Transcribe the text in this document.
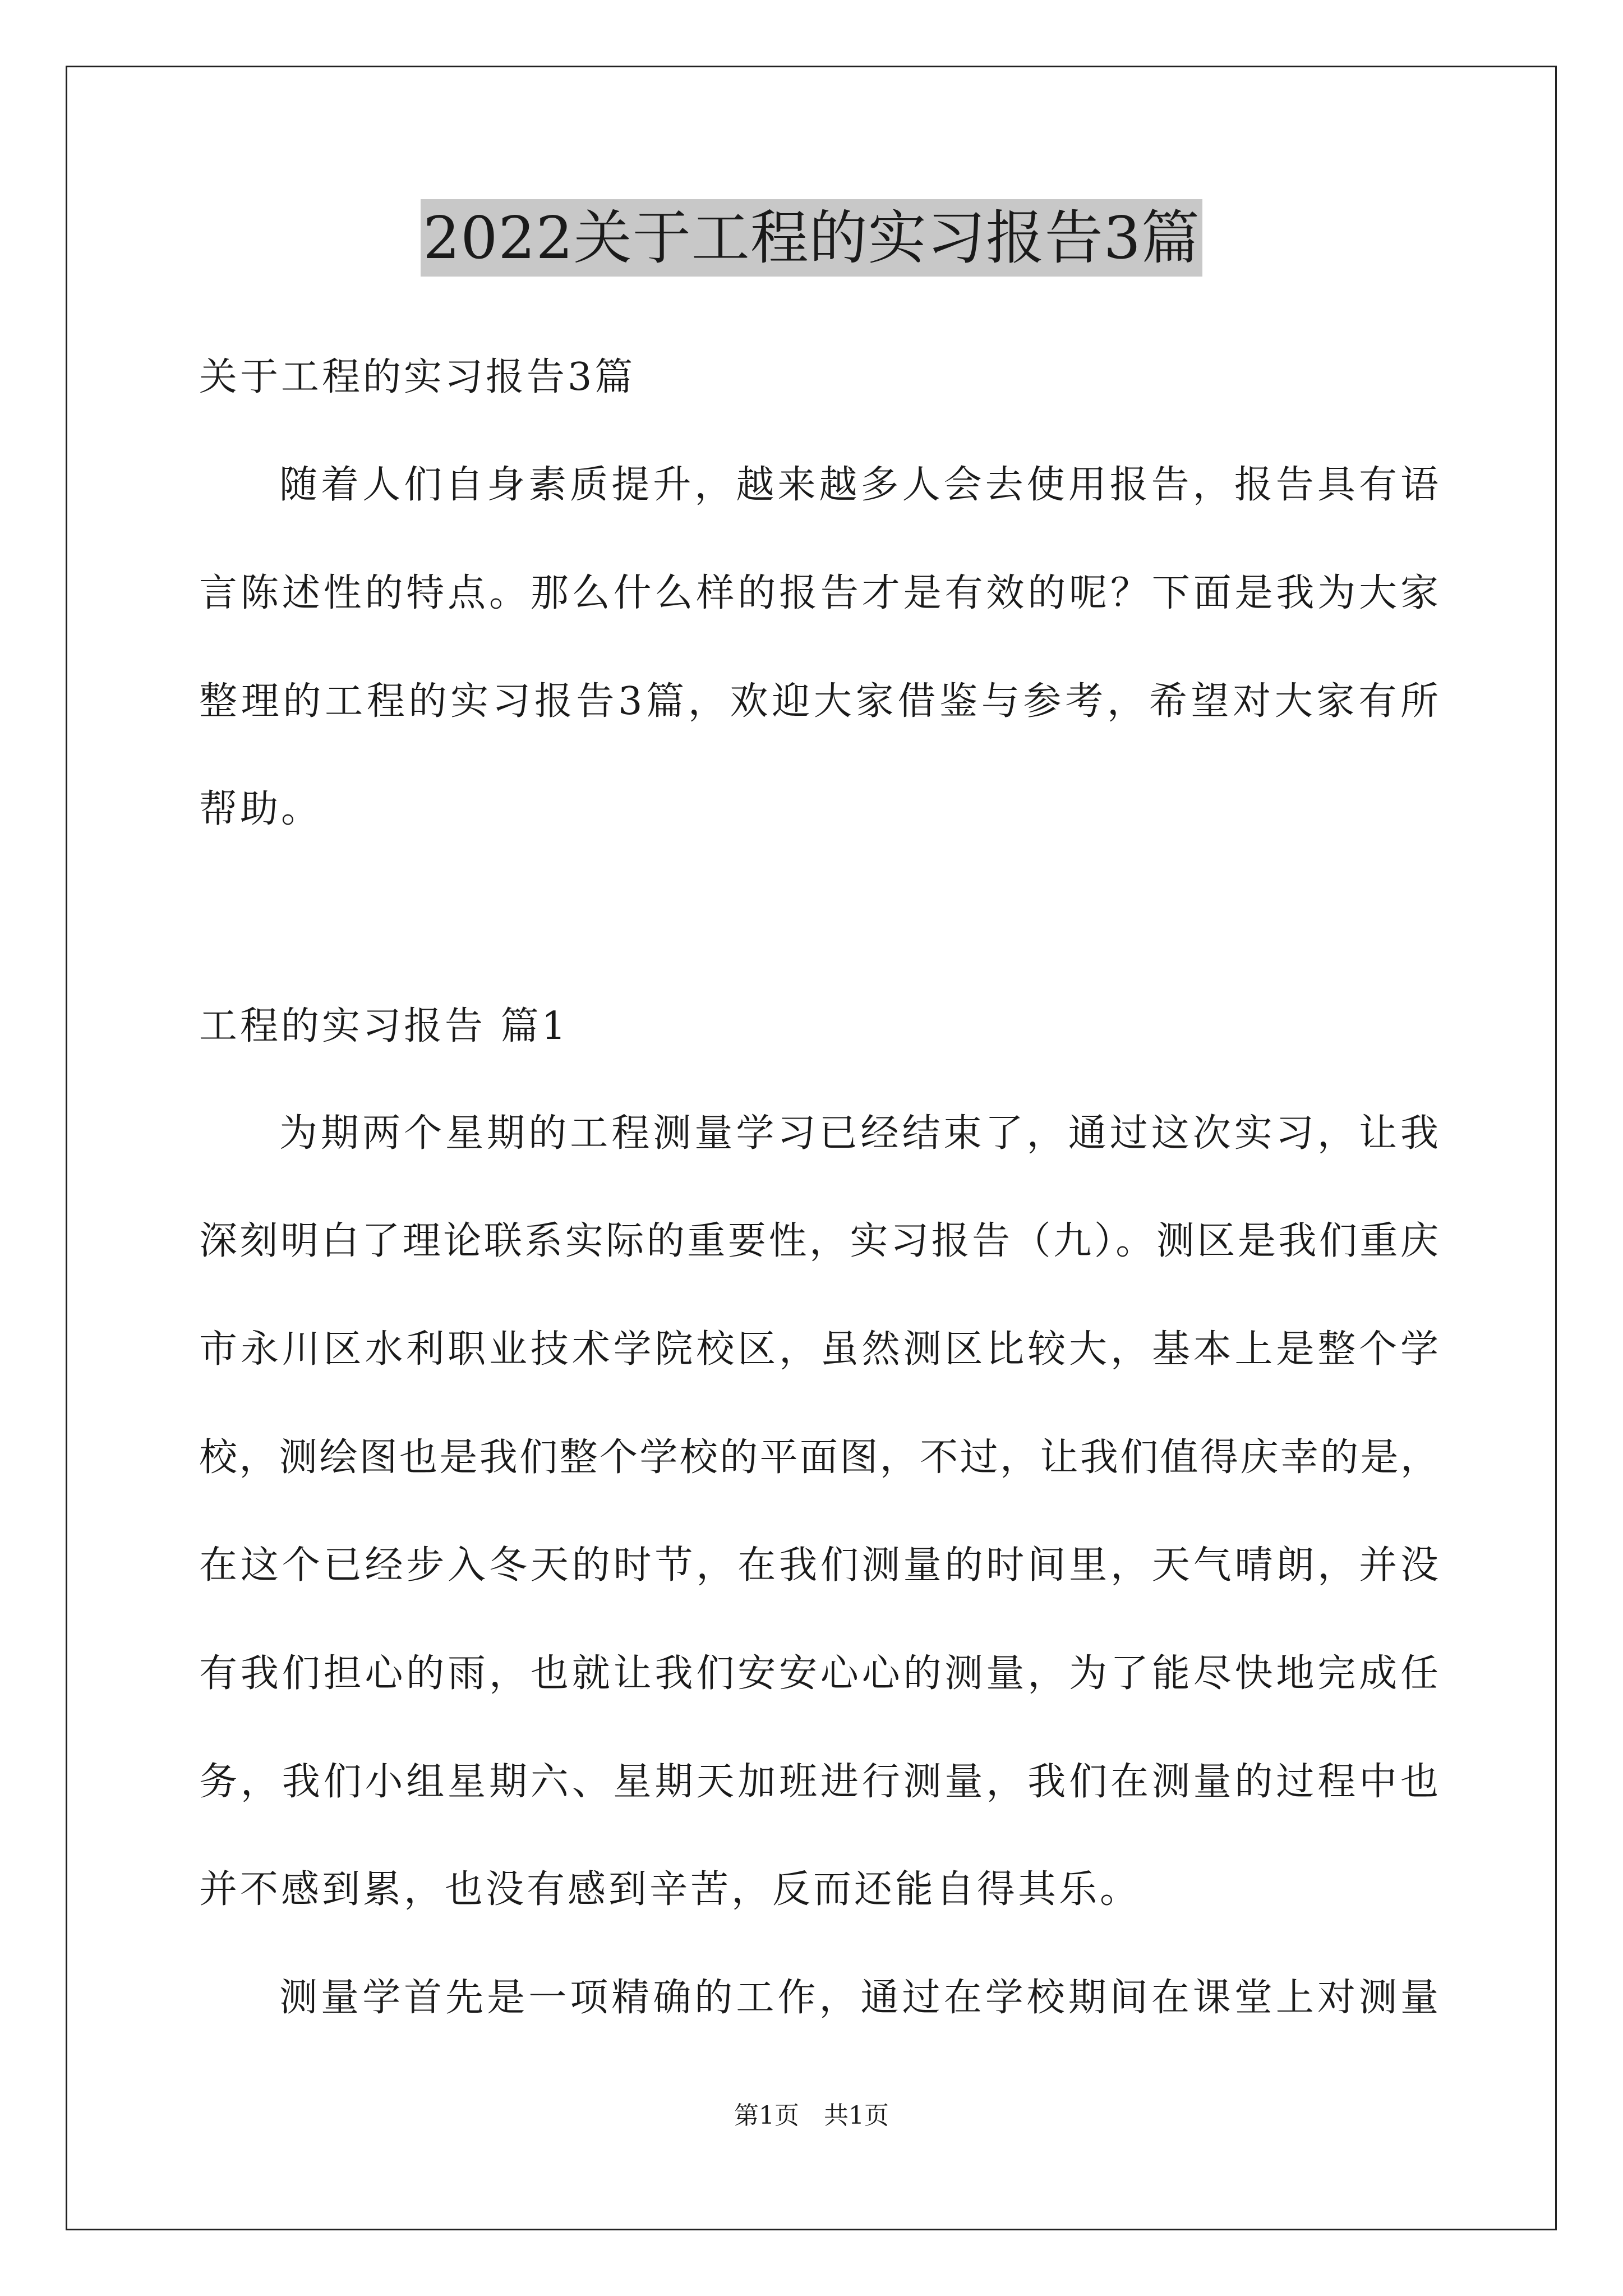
2022关于工程的实习报告3篇
关于工程的实习报告3篇
随着人们自身素质提升，越来越多人会去使用报告，报告具有语
言陈述性的特点。那么什么样的报告才是有效的呢？下面是我为大家
整理的工程的实习报告3篇，欢迎大家借鉴与参考，希望对大家有所
帮助。
工程的实习报告 篇1
为期两个星期的工程测量学习已经结束了，通过这次实习，让我
深刻明白了理论联系实际的重要性，实习报告（九）。测区是我们重庆
市永川区水利职业技术学院校区，虽然测区比较大，基本上是整个学
校，测绘图也是我们整个学校的平面图，不过，让我们值得庆幸的是，
在这个已经步入冬天的时节，在我们测量的时间里，天气晴朗，并没
有我们担心的雨，也就让我们安安心心的测量，为了能尽快地完成任
务，我们小组星期六、星期天加班进行测量，我们在测量的过程中也
并不感到累，也没有感到辛苦，反而还能自得其乐。
测量学首先是一项精确的工作，通过在学校期间在课堂上对测量
第1页　共1页
